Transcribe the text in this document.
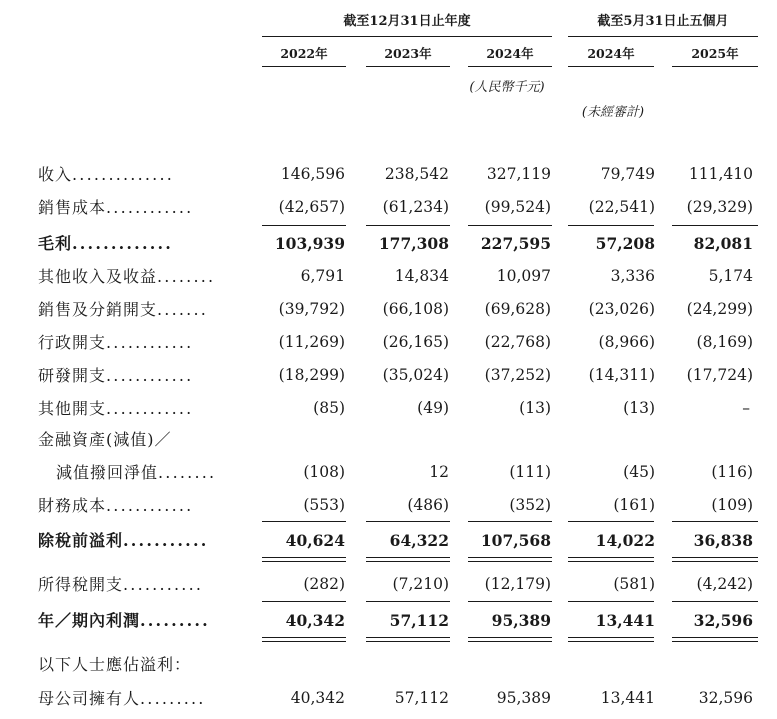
截至12月31日止年度	截至5月31日止五個月
2022年	2023年	2024年	2024年	2025年
(人民幣千元)
(未經審計)
收入..............	146,596	238,542 327,119	79,749 111,410
銷售成本............	(42,657) (61,234) (99,524) (22,541) (29,329)
毛利.............	103,939 177,308 227,595	57,208 82,081
其他收入及收益........	6,791	14,834	10,097	3,336	5,174
銷售及分銷開支.......	(39,792) (66,108) (69,628) (23,026) (24,299)
行政開支............	(11,269) (26,165) (22,768)	(8,966)	(8,169)
研發開支............	(18,299) (35,024) (37,252) (14,311) (17,724)
其他開支............	(85)	(49)	(13)	(13)	–
金融資產(減值)／
減值撥回淨值........	(108)	12	(111)	(45)	(116)
財務成本............	(553)	(486)	(352)	(161)	(109)
除稅前溢利...........	40,624	64,322 107,568	14,022 36,838
所得稅開支...........	(282)	(7,210) (12,179)	(581)	(4,242)
年／期內利潤.........	40,342	57,112	95,389	13,441 32,596
以下人士應佔溢利：
母公司擁有人.........	40,342	57,112	95,389	13,441	32,596
